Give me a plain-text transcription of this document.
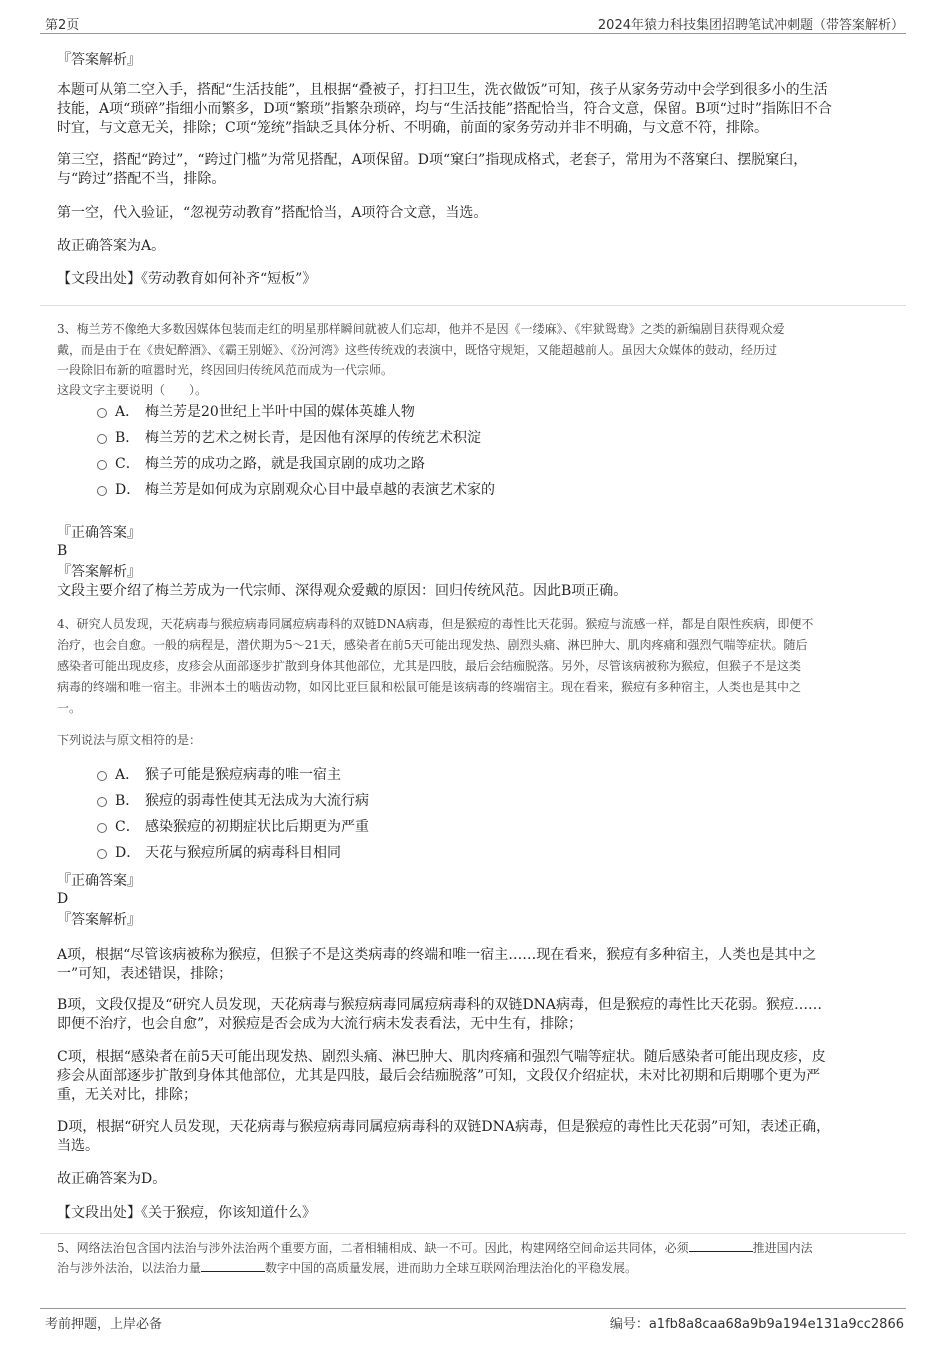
第2页	2024年猿力科技集团招聘笔试冲刺题（带答案解析）
『答案解析』
本题可从第二空入手，搭配“生活技能”，且根据“叠被子，打扫卫生，洗衣做饭”可知，孩子从家务劳动中会学到很多小的生活
技能，A项“琐碎”指细小而繁多，D项“繁琐”指繁杂琐碎，均与“生活技能”搭配恰当，符合文意，保留。B项“过时”指陈旧不合
时宜，与文意无关，排除；C项“笼统”指缺乏具体分析、不明确，前面的家务劳动并非不明确，与文意不符，排除。
第三空，搭配“跨过”，“跨过门槛”为常见搭配，A项保留。D项“窠臼”指现成格式，老套子，常用为不落窠臼、摆脱窠臼，
与“跨过”搭配不当，排除。
第一空，代入验证，“忽视劳动教育”搭配恰当，A项符合文意，当选。
故正确答案为A。
【文段出处】《劳动教育如何补齐“短板”》
3、梅兰芳不像绝大多数因媒体包装而走红的明星那样瞬间就被人们忘却，他并不是因《一缕麻》、《牢狱鸳鸯》之类的新编剧目获得观众爱
戴，而是由于在《贵妃醉酒》、《霸王别姬》、《汾河湾》这些传统戏的表演中，既恪守规矩，又能超越前人。虽因大众媒体的鼓动，经历过
一段除旧布新的喧嚣时光，终因回归传统风范而成为一代宗师。
这段文字主要说明（　　）。
A． 梅兰芳是20世纪上半叶中国的媒体英雄人物
B． 梅兰芳的艺术之树长青，是因他有深厚的传统艺术积淀
C． 梅兰芳的成功之路，就是我国京剧的成功之路
D． 梅兰芳是如何成为京剧观众心目中最卓越的表演艺术家的
『正确答案』
B
『答案解析』
文段主要介绍了梅兰芳成为一代宗师、深得观众爱戴的原因：回归传统风范。因此B项正确。
4、研究人员发现，天花病毒与猴痘病毒同属痘病毒科的双链DNA病毒，但是猴痘的毒性比天花弱。猴痘与流感一样，都是自限性疾病，即便不
治疗，也会自愈。一般的病程是，潜伏期为5～21天，感染者在前5天可能出现发热、剧烈头痛、淋巴肿大、肌肉疼痛和强烈气喘等症状。随后
感染者可能出现皮疹，皮疹会从面部逐步扩散到身体其他部位，尤其是四肢，最后会结痂脱落。另外，尽管该病被称为猴痘，但猴子不是这类
病毒的终端和唯一宿主。非洲本土的啮齿动物，如冈比亚巨鼠和松鼠可能是该病毒的终端宿主。现在看来，猴痘有多种宿主，人类也是其中之
一。
下列说法与原文相符的是：
A． 猴子可能是猴痘病毒的唯一宿主
B． 猴痘的弱毒性使其无法成为大流行病
C． 感染猴痘的初期症状比后期更为严重
D． 天花与猴痘所属的病毒科目相同
『正确答案』
D
『答案解析』
A项，根据“尽管该病被称为猴痘，但猴子不是这类病毒的终端和唯一宿主……现在看来，猴痘有多种宿主，人类也是其中之
一”可知，表述错误，排除；
B项，文段仅提及“研究人员发现，天花病毒与猴痘病毒同属痘病毒科的双链DNA病毒，但是猴痘的毒性比天花弱。猴痘……
即便不治疗，也会自愈”，对猴痘是否会成为大流行病未发表看法，无中生有，排除；
C项，根据“感染者在前5天可能出现发热、剧烈头痛、淋巴肿大、肌肉疼痛和强烈气喘等症状。随后感染者可能出现皮疹，皮
疹会从面部逐步扩散到身体其他部位，尤其是四肢，最后会结痂脱落”可知，文段仅介绍症状，未对比初期和后期哪个更为严
重，无关对比，排除；
D项，根据“研究人员发现，天花病毒与猴痘病毒同属痘病毒科的双链DNA病毒，但是猴痘的毒性比天花弱”可知，表述正确，
当选。
故正确答案为D。
【文段出处】《关于猴痘，你该知道什么》
5、网络法治包含国内法治与涉外法治两个重要方面，二者相辅相成、缺一不可。因此，构建网络空间命运共同体，必须	推进国内法
治与涉外法治，以法治力量	数字中国的高质量发展，进而助力全球互联网治理法治化的平稳发展。
考前押题，上岸必备	编号：a1fb8a8caa68a9b9a194e131a9cc2866
